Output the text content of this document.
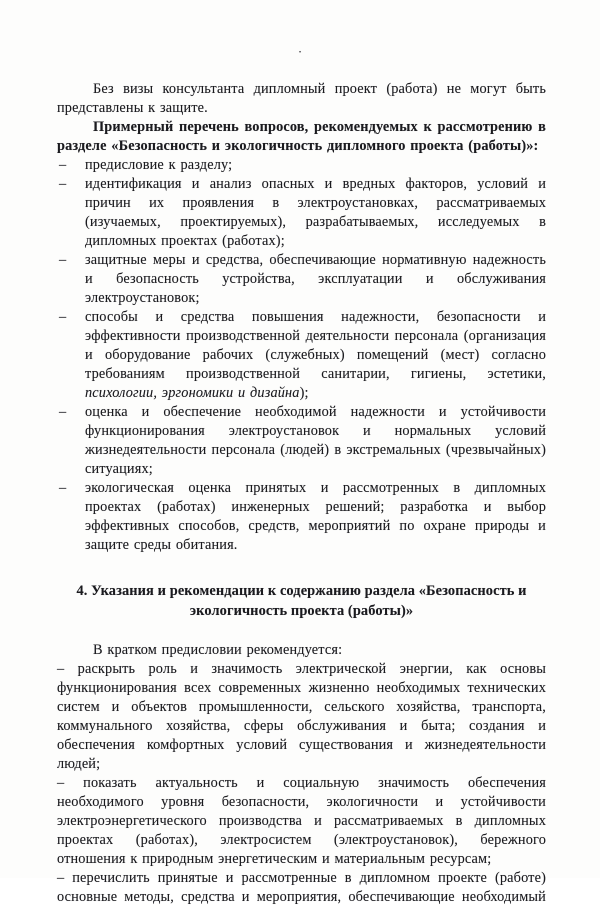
·

Без визы консультанта дипломный проект (работа) не могут быть представлены к защите.

Примерный перечень вопросов, рекомендуемых к рассмотрению в разделе «Безопасность и экологичность дипломного проекта (работы)»:

– предисловие к разделу;
– идентификация и анализ опасных и вредных факторов, условий и причин их проявления в электроустановках, рассматриваемых (изучаемых, проектируемых), разрабатываемых, исследуемых в дипломных проектах (работах);
– защитные меры и средства, обеспечивающие нормативную надежность и безопасность устройства, эксплуатации и обслуживания электроустановок;
– способы и средства повышения надежности, безопасности и эффективности производственной деятельности персонала (организация и оборудование рабочих (служебных) помещений (мест) согласно требованиям производственной санитарии, гигиены, эстетики, психологии, эргономики и дизайна);
– оценка и обеспечение необходимой надежности и устойчивости функционирования электроустановок и нормальных условий жизнедеятельности персонала (людей) в экстремальных (чрезвычайных) ситуациях;
– экологическая оценка принятых и рассмотренных в дипломных проектах (работах) инженерных решений; разработка и выбор эффективных способов, средств, мероприятий по охране природы и защите среды обитания.
4. Указания и рекомендации к содержанию раздела «Безопасность и экологичность проекта (работы)»

В кратком предисловии рекомендуется:

– раскрыть роль и значимость электрической энергии, как основы функционирования всех современных жизненно необходимых технических систем и объектов промышленности, сельского хозяйства, транспорта, коммунального хозяйства, сферы обслуживания и быта; создания и обеспечения комфортных условий существования и жизнедеятельности людей;

– показать актуальность и социальную значимость обеспечения необходимого уровня безопасности, экологичности и устойчивости электроэнергетического производства и рассматриваемых в дипломных проектах (работах), электросистем (электроустановок), бережного отношения к природным энергетическим и материальным ресурсам;

– перечислить принятые и рассмотренные в дипломном проекте (работе) основные методы, средства и мероприятия, обеспечивающие необходимый
